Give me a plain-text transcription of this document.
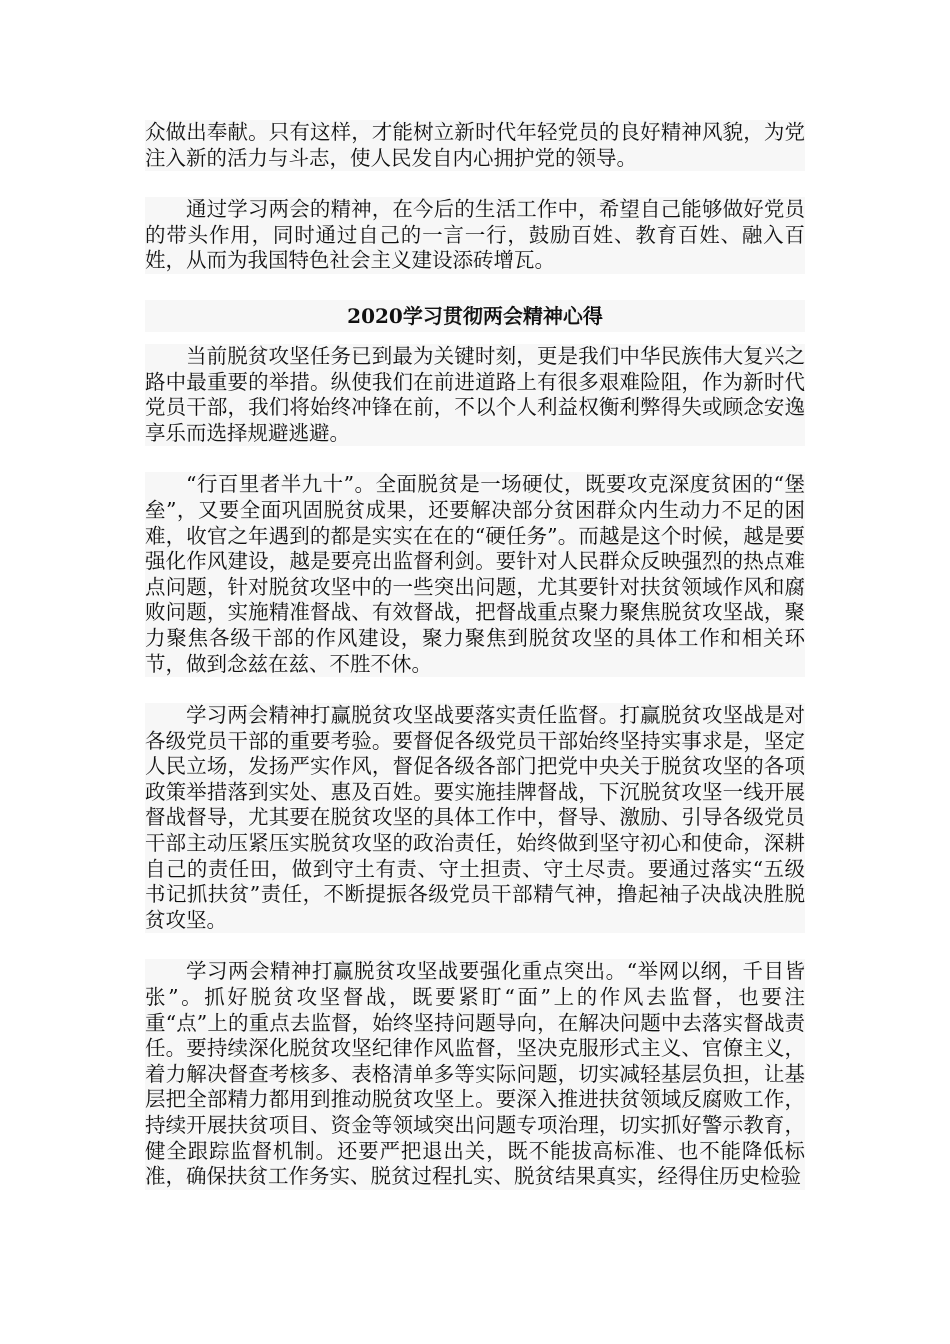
众做出奉献。只有这样，才能树立新时代年轻党员的良好精神风貌，为党注入新的活力与斗志，使人民发自内心拥护党的领导。

通过学习两会的精神，在今后的生活工作中，希望自己能够做好党员的带头作用，同时通过自己的一言一行，鼓励百姓、教育百姓、融入百姓，从而为我国特色社会主义建设添砖增瓦。

2020学习贯彻两会精神心得

当前脱贫攻坚任务已到最为关键时刻，更是我们中华民族伟大复兴之路中最重要的举措。纵使我们在前进道路上有很多艰难险阻，作为新时代党员干部，我们将始终冲锋在前，不以个人利益权衡利弊得失或顾念安逸享乐而选择规避逃避。

“行百里者半九十”。全面脱贫是一场硬仗，既要攻克深度贫困的“堡垒”，又要全面巩固脱贫成果，还要解决部分贫困群众内生动力不足的困难，收官之年遇到的都是实实在在的“硬任务”。而越是这个时候，越是要强化作风建设，越是要亮出监督利剑。要针对人民群众反映强烈的热点难点问题，针对脱贫攻坚中的一些突出问题，尤其要针对扶贫领域作风和腐败问题，实施精准督战、有效督战，把督战重点聚力聚焦脱贫攻坚战，聚力聚焦各级干部的作风建设，聚力聚焦到脱贫攻坚的具体工作和相关环节，做到念兹在兹、不胜不休。

学习两会精神打赢脱贫攻坚战要落实责任监督。打赢脱贫攻坚战是对各级党员干部的重要考验。要督促各级党员干部始终坚持实事求是，坚定人民立场，发扬严实作风，督促各级各部门把党中央关于脱贫攻坚的各项政策举措落到实处、惠及百姓。要实施挂牌督战，下沉脱贫攻坚一线开展督战督导，尤其要在脱贫攻坚的具体工作中，督导、激励、引导各级党员干部主动压紧压实脱贫攻坚的政治责任，始终做到坚守初心和使命，深耕自己的责任田，做到守土有责、守土担责、守土尽责。要通过落实“五级书记抓扶贫”责任，不断提振各级党员干部精气神，撸起袖子决战决胜脱贫攻坚。

学习两会精神打赢脱贫攻坚战要强化重点突出。“举网以纲，千目皆张”。抓好脱贫攻坚督战，既要紧盯“面”上的作风去监督，也要注重“点”上的重点去监督，始终坚持问题导向，在解决问题中去落实督战责任。要持续深化脱贫攻坚纪律作风监督，坚决克服形式主义、官僚主义，着力解决督查考核多、表格清单多等实际问题，切实减轻基层负担，让基层把全部精力都用到推动脱贫攻坚上。要深入推进扶贫领域反腐败工作，持续开展扶贫项目、资金等领域突出问题专项治理，切实抓好警示教育，健全跟踪监督机制。还要严把退出关，既不能拔高标准、也不能降低标准，确保扶贫工作务实、脱贫过程扎实、脱贫结果真实，经得住历史检验
